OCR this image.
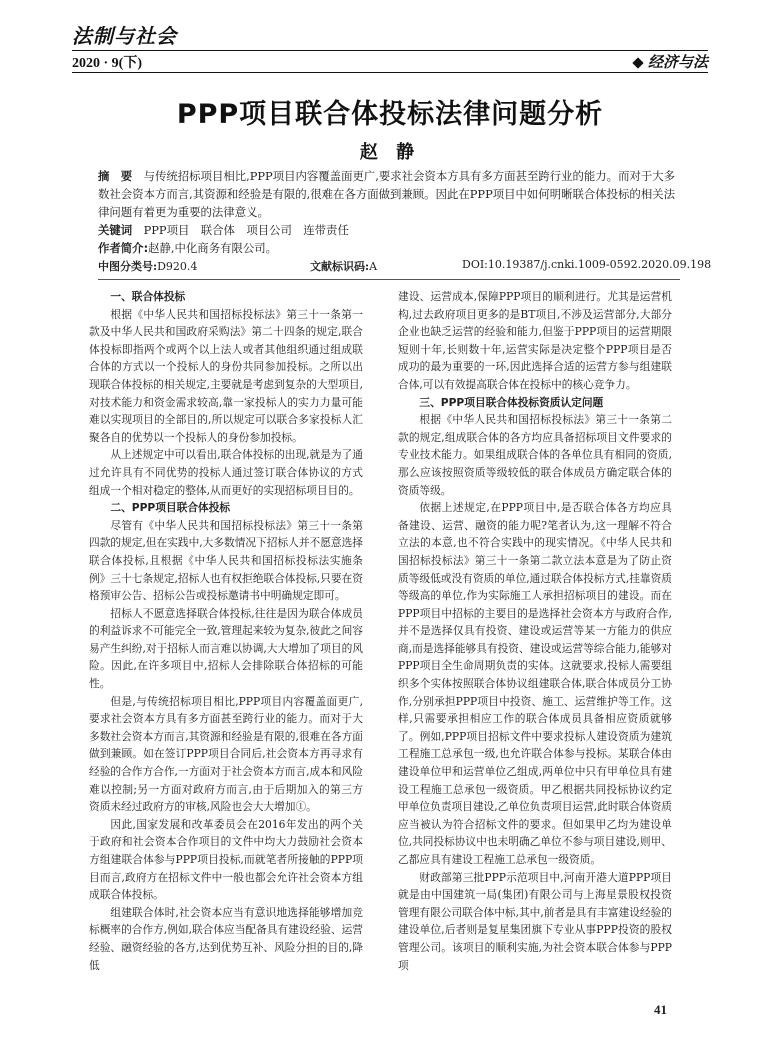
法制与社会
2020 · 9(下)	经济与法
PPP项目联合体投标法律问题分析
赵 静
摘　要　 与传统招标项目相比,PPP项目内容覆盖面更广,要求社会资本方具有多方面甚至跨行业的能力。而对于大多数社会资本方而言,其资源和经验是有限的,很难在各方面做到兼顾。因此在PPP项目中如何明晰联合体投标的相关法律问题有着更为重要的法律意义。
关键词　 PPP项目　联合体　项目公司　连带责任
作者简介:赵静,中化商务有限公司。
中图分类号:D920.4	文献标识码:A	DOI:10.19387/j.cnki.1009-0592.2020.09.198
一、联合体投标

根据《中华人民共和国招标投标法》第三十一条第一款及中华人民共和国政府采购法》第二十四条的规定,联合体投标即指两个或两个以上法人或者其他组织通过组成联合体的方式以一个投标人的身份共同参加投标。之所以出现联合体投标的相关规定,主要就是考虑到复杂的大型项目,对技术能力和资金需求较高,靠一家投标人的实力力量可能难以实现项目的全部目的,所以规定可以联合多家投标人汇聚各自的优势以一个投标人的身份参加投标。

从上述规定中可以看出,联合体投标的出现,就是为了通过允许具有不同优势的投标人通过签订联合体协议的方式组成一个相对稳定的整体,从而更好的实现招标项目目的。

二、PPP项目联合体投标

尽管有《中华人民共和国招标投标法》第三十一条第四款的规定,但在实践中,大多数情况下招标人并不愿意选择联合体投标,且根据《中华人民共和国招标投标法实施条例》三十七条规定,招标人也有权拒绝联合体投标,只要在资格预审公告、招标公告或投标邀请书中明确规定即可。

招标人不愿意选择联合体投标,往往是因为联合体成员的利益诉求不可能完全一致,管理起来较为复杂,彼此之间容易产生纠纷,对于招标人而言难以协调,大大增加了项目的风险。因此,在许多项目中,招标人会排除联合体招标的可能性。

但是,与传统招标项目相比,PPP项目内容覆盖面更广,要求社会资本方具有多方面甚至跨行业的能力。而对于大多数社会资本方而言,其资源和经验是有限的,很难在各方面做到兼顾。如在签订PPP项目合同后,社会资本方再寻求有经验的合作方合作,一方面对于社会资本方而言,成本和风险难以控制;另一方面对政府方而言,由于后期加入的第三方资质未经过政府方的审核,风险也会大大增加①。

因此,国家发展和改革委员会在2016年发出的两个关于政府和社会资本合作项目的文件中均大力鼓励社会资本方组建联合体参与PPP项目投标,而就笔者所接触的PPP项目而言,政府方在招标文件中一般也都会允许社会资本方组成联合体投标。

组建联合体时,社会资本应当有意识地选择能够增加竞标概率的合作方,例如,联合体应当配备具有建设经验、运营经验、融资经验的各方,达到优势互补、风险分担的目的,降低

建设、运营成本,保障PPP项目的顺利进行。尤其是运营机构,过去政府项目更多的是BT项目,不涉及运营部分,大部分企业也缺乏运营的经验和能力,但鉴于PPP项目的运营期限短则十年,长则数十年,运营实际是决定整个PPP项目是否成功的最为重要的一环,因此选择合适的运营方参与组建联合体,可以有效提高联合体在投标中的核心竞争力。

三、PPP项目联合体投标资质认定问题

根据《中华人民共和国招标投标法》第三十一条第二款的规定,组成联合体的各方均应具备招标项目文件要求的专业技术能力。如果组成联合体的各单位具有相同的资质,那么应该按照资质等级较低的联合体成员方确定联合体的资质等级。

依据上述规定,在PPP项目中,是否联合体各方均应具备建设、运营、融资的能力呢?笔者认为,这一理解不符合立法的本意,也不符合实践中的现实情况。《中华人民共和国招标投标法》第三十一条第二款立法本意是为了防止资质等级低或没有资质的单位,通过联合体投标方式,挂靠资质等级高的单位,作为实际施工人承担招标项目的建设。而在PPP项目中招标的主要目的是选择社会资本方与政府合作,并不是选择仅具有投资、建设或运营等某一方能力的供应商,而是选择能够具有投资、建设或运营等综合能力,能够对PPP项目全生命周期负责的实体。这就要求,投标人需要组织多个实体按照联合体协议组建联合体,联合体成员分工协作,分别承担PPP项目中投资、施工、运营维护等工作。这样,只需要承担相应工作的联合体成员具备相应资质就够了。例如,PPP项目招标文件中要求投标人建设资质为建筑工程施工总承包一级,也允许联合体参与投标。某联合体由建设单位甲和运营单位乙组成,两单位中只有甲单位具有建设工程施工总承包一级资质。甲乙根据共同投标协议约定甲单位负责项目建设,乙单位负责项目运营,此时联合体资质应当被认为符合招标文件的要求。但如果甲乙均为建设单位,共同投标协议中也未明确乙单位不参与项目建设,则甲、乙都应具有建设工程施工总承包一级资质。

财政部第三批PPP示范项目中,河南开港大道PPP项目就是由中国建筑一局(集团)有限公司与上海星景股权投资管理有限公司联合体中标,其中,前者是具有丰富建设经验的建设单位,后者则是复星集团旗下专业从事PPP投资的股权管理公司。该项目的顺利实施,为社会资本联合体参与PPP项

41
